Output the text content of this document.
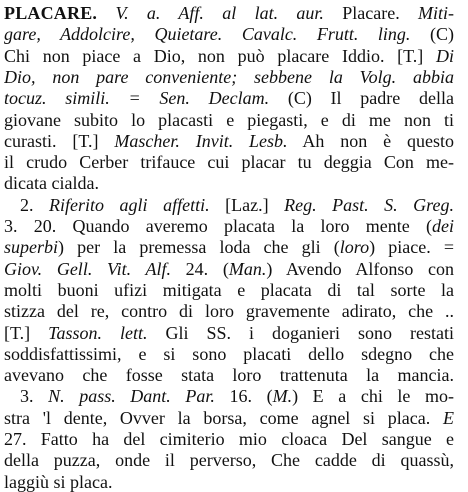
PLACARE. V. a. Aff. al lat. aur. Placare. Miti-
gare, Addolcire, Quietare. Cavalc. Frutt. ling. (C)
Chi non piace a Dio, non può placare Iddio. [T.] Di
Dio, non pare conveniente; sebbene la Volg. abbia
tocuz. simili. = Sen. Declam. (C) Il padre della
giovane subito lo placasti e piegasti, e di me non ti
curasti. [T.] Mascher. Invit. Lesb. Ah non è questo
il crudo Cerber trifauce cui placar tu deggia Con me-
dicata cialda.
2. Riferito agli affetti. [Laz.] Reg. Past. S. Greg.
3. 20. Quando averemo placata la loro mente (dei
superbi) per la premessa loda che gli (loro) piace. =
Giov. Gell. Vit. Alf. 24. (Man.) Avendo Alfonso con
molti buoni ufizi mitigata e placata di tal sorte la
stizza del re, contro di loro gravemente adirato, che ..
[T.] Tasson. lett. Gli SS. i doganieri sono restati
soddisfattissimi, e si sono placati dello sdegno che
avevano che fosse stata loro trattenuta la mancia.
3. N. pass. Dant. Par. 16. (M.) E a chi le mo-
stra 'l dente, Ovver la borsa, come agnel si placa. E
27. Fatto ha del cimiterio mio cloaca Del sangue e
della puzza, onde il perverso, Che cadde di quassù,
laggiù si placa.
